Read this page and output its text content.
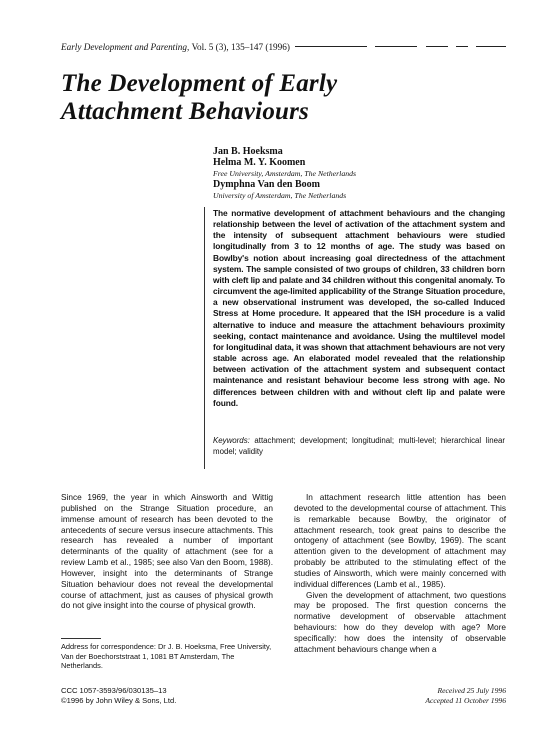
Early Development and Parenting, Vol. 5 (3), 135–147 (1996)
The Development of Early
Attachment Behaviours
Jan B. Hoeksma
Helma M. Y. Koomen
Free University, Amsterdam, The Netherlands
Dymphna Van den Boom
University of Amsterdam, The Netherlands
The normative development of attachment behaviours and the changing relationship between the level of activation of the attachment system and the intensity of subsequent attachment behaviours were studied longitudinally from 3 to 12 months of age. The study was based on Bowlby's notion about increasing goal directedness of the attachment system. The sample consisted of two groups of children, 33 children born with cleft lip and palate and 34 children without this congenital anomaly. To circumvent the age-limited applicability of the Strange Situation procedure, a new observational instrument was developed, the so-called Induced Stress at Home procedure. It appeared that the ISH procedure is a valid alternative to induce and measure the attachment behaviours proximity seeking, contact maintenance and avoidance. Using the multilevel model for longitudinal data, it was shown that attachment behaviours are not very stable across age. An elaborated model revealed that the relationship between activation of the attachment system and subsequent contact maintenance and resistant behaviour become less strong with age. No differences between children with and without cleft lip and palate were found.
Keywords: attachment; development; longitudinal; multi-level; hierarchical linear model; validity

Since 1969, the year in which Ainsworth and Wittig published on the Strange Situation procedure, an immense amount of research has been devoted to the antecedents of secure versus insecure attachments. This research has revealed a number of important determinants of the quality of attachment (see for a review Lamb et al., 1985; see also Van den Boom, 1988). However, insight into the determinants of Strange Situation behaviour does not reveal the developmental course of attachment, just as causes of physical growth do not give insight into the course of physical growth.

In attachment research little attention has been devoted to the developmental course of attachment. This is remarkable because Bowlby, the originator of attachment research, took great pains to describe the ontogeny of attachment (see Bowlby, 1969). The scant attention given to the development of attachment may probably be attributed to the stimulating effect of the studies of Ainsworth, which were mainly concerned with individual differences (Lamb et al., 1985).

Given the development of attachment, two questions may be proposed. The first question concerns the normative development of observable attachment behaviours: how do they develop with age? More specifically: how does the intensity of observable attachment behaviours change when a

Address for correspondence: Dr J. B. Hoeksma, Free University, Van der Boechorststraat 1, 1081 BT Amsterdam, The Netherlands.
CCC 1057-3593/96/030135–13
©1996 by John Wiley & Sons, Ltd.
Received 25 July 1996
Accepted 11 October 1996
